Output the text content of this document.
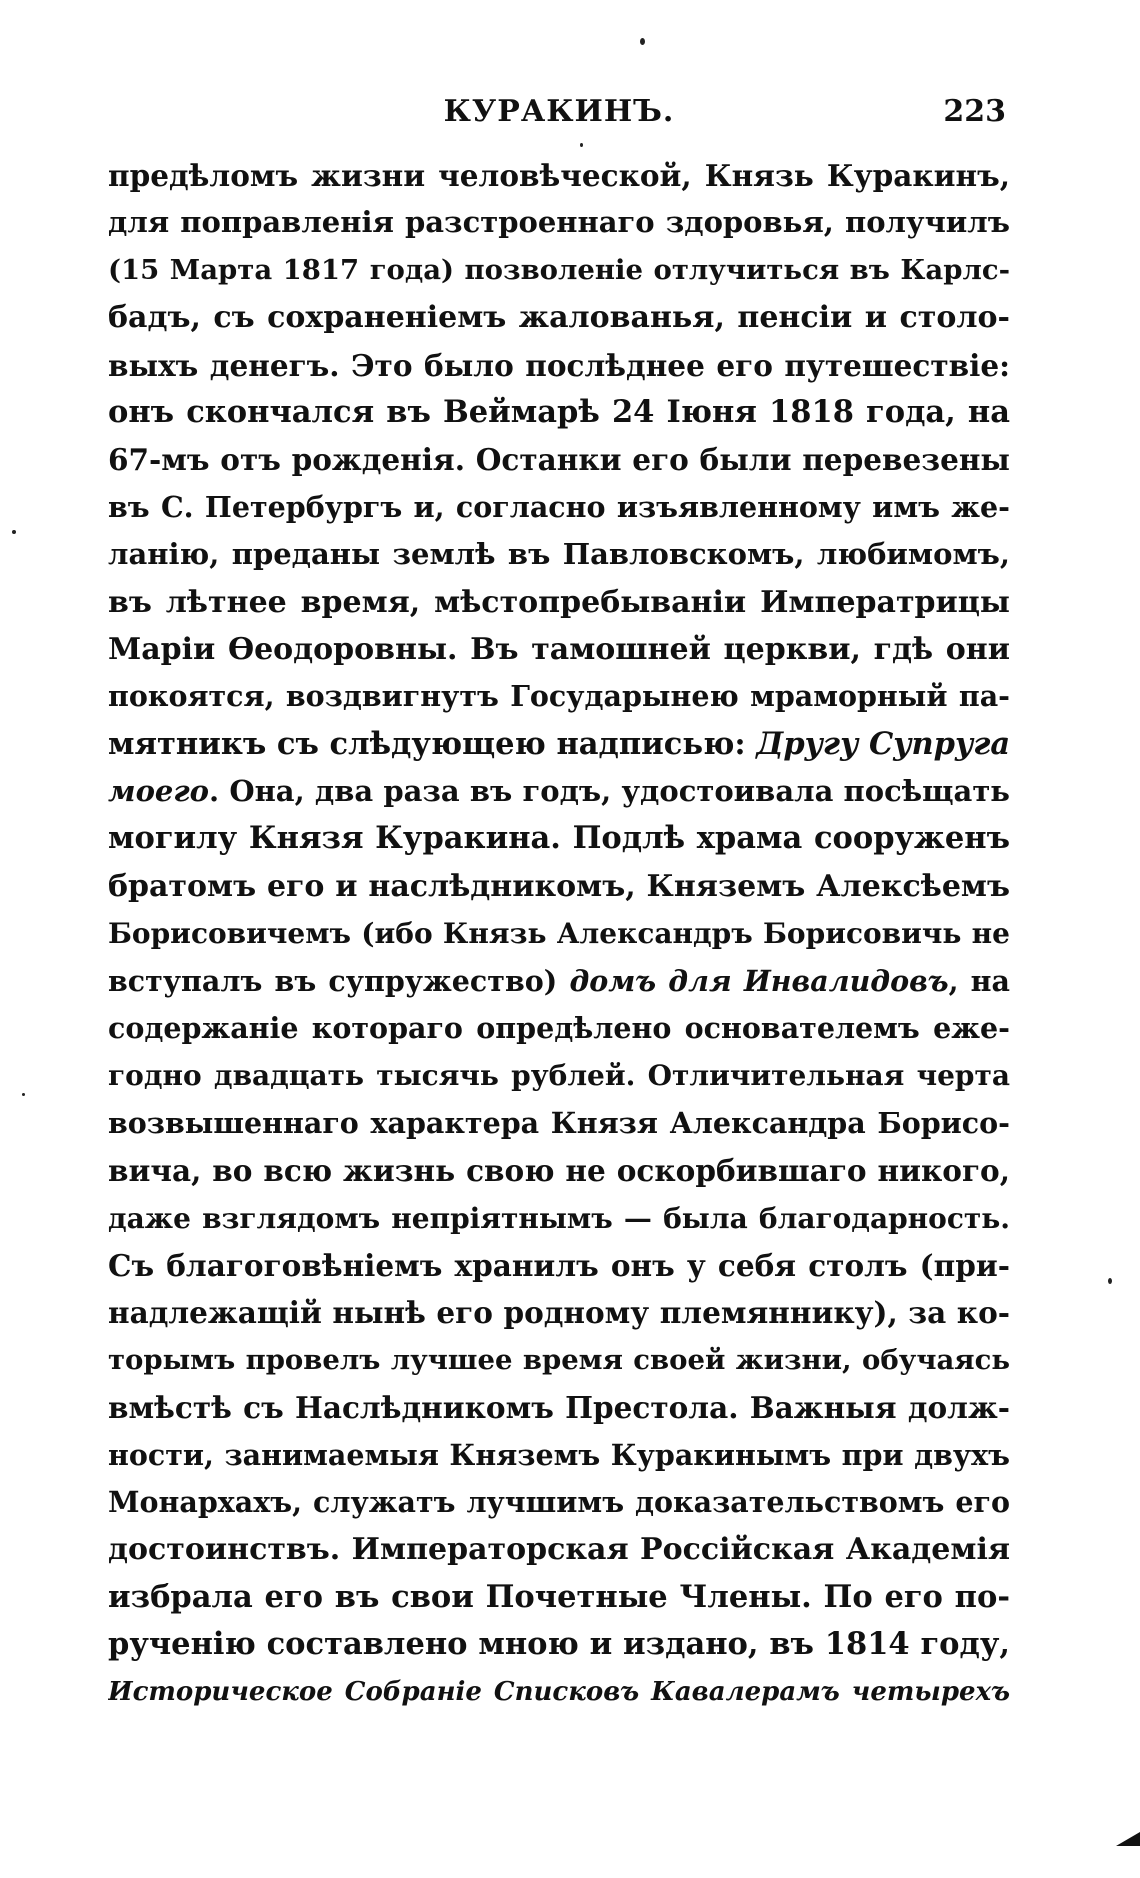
КУРАКИНЪ.	223
предѣломъ жизни человѣческой, Князь Куракинъ,
для поправленія разстроеннаго здоровья, получилъ
(15 Марта 1817 года) позволеніе отлучиться въ Карлс-
бадъ, съ сохраненіемъ жалованья, пенсіи и столо-
выхъ денегъ. Это было послѣднее его путешествіе:
онъ скончался въ Веймарѣ 24 Іюня 1818 года, на
67-мъ отъ рожденія. Останки его были перевезены
въ С. Петербургъ и, согласно изъявленному имъ же-
ланію, преданы землѣ въ Павловскомъ, любимомъ,
въ лѣтнее время, мѣстопребываніи Императрицы
Маріи Ѳеодоровны. Въ тамошней церкви, гдѣ они
покоятся, воздвигнутъ Государынею мраморный па-
мятникъ съ слѣдующею надписью: Другу Супруга
моего. Она, два раза въ годъ, удостоивала посѣщать
могилу Князя Куракина. Подлѣ храма сооруженъ
братомъ его и наслѣдникомъ, Княземъ Алексѣемъ
Борисовичемъ (ибо Князь Александръ Борисовичь не
вступалъ въ супружество) домъ для Инвалидовъ, на
содержаніе котораго опредѣлено основателемъ еже-
годно двадцать тысячь рублей. Отличительная черта
возвышеннаго характера Князя Александра Борисо-
вича, во всю жизнь свою не оскорбившаго никого,
даже взглядомъ непріятнымъ — была благодарность.
Съ благоговѣніемъ хранилъ онъ у себя столъ (при-
надлежащій нынѣ его родному племяннику), за ко-
торымъ провелъ лучшее время своей жизни, обучаясь
вмѣстѣ съ Наслѣдникомъ Престола. Важныя долж-
ности, занимаемыя Княземъ Куракинымъ при двухъ
Монархахъ, служатъ лучшимъ доказательствомъ его
достоинствъ. Императорская Россійская Академія
избрала его въ свои Почетные Члены. По его по-
рученію составлено мною и издано, въ 1814 году,
Историческое Собраніе Списковъ Кавалерамъ четырехъ
